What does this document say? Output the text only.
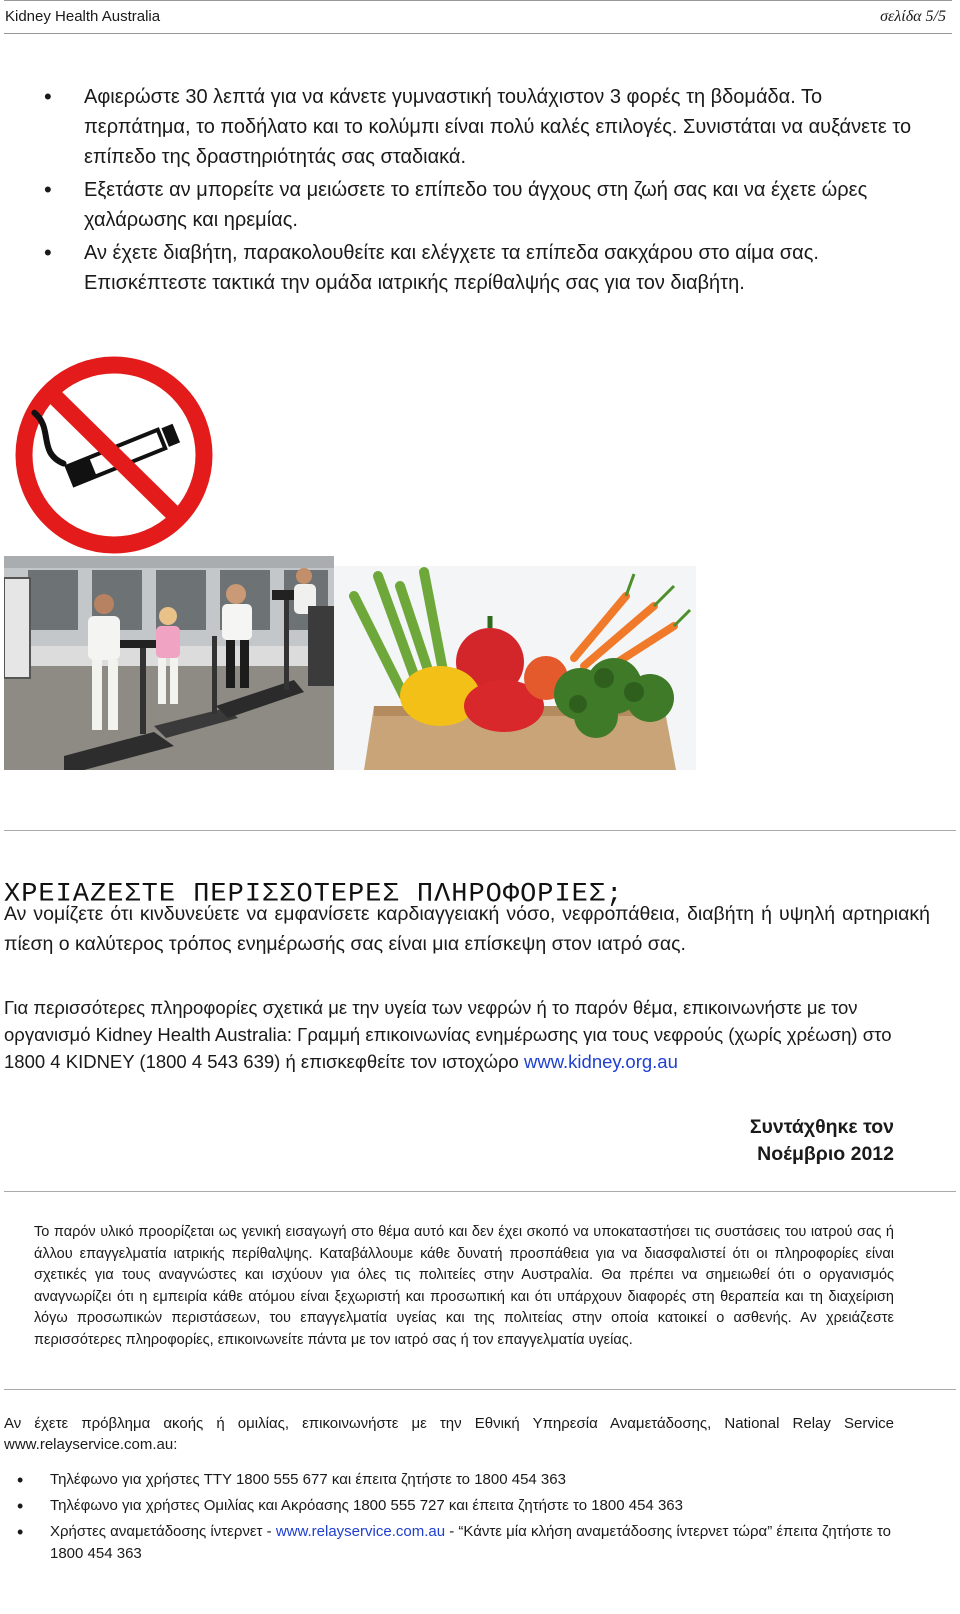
Kidney Health Australia	σελίδα 5/5
• Αφιερώστε 30 λεπτά για να κάνετε γυμναστική τουλάχιστον 3 φορές τη βδομάδα. Το περπάτημα, το ποδήλατο και το κολύμπι είναι πολύ καλές επιλογές. Συνιστάται να αυξάνετε το επίπεδο της δραστηριότητάς σας σταδιακά.
• Εξετάστε αν μπορείτε να μειώσετε το επίπεδο του άγχους στη ζωή σας και να έχετε ώρες χαλάρωσης και ηρεμίας.
• Αν έχετε διαβήτη, παρακολουθείτε και ελέγχετε τα επίπεδα σακχάρου στο αίμα σας. Επισκέπτεστε τακτικά την ομάδα ιατρικής περίθαλψής σας για τον διαβήτη.
ΧΡΕΙΑΖΕΣΤΕ ΠΕΡΙΣΣΟΤΕΡΕΣ ΠΛΗΡΟΦΟΡΙΕΣ;
Αν νομίζετε ότι κινδυνεύετε να εμφανίσετε καρδιαγγειακή νόσο, νεφροπάθεια, διαβήτη ή υψηλή αρτηριακή πίεση ο καλύτερος τρόπος ενημέρωσής σας είναι μια επίσκεψη στον ιατρό σας.
Για περισσότερες πληροφορίες σχετικά με την υγεία των νεφρών ή το παρόν θέμα, επικοινωνήστε με τον οργανισμό Kidney Health Australia: Γραμμή επικοινωνίας ενημέρωσης για τους νεφρούς (χωρίς χρέωση) στο 1800 4 KIDNEY (1800 4 543 639) ή επισκεφθείτε τον ιστοχώρο www.kidney.org.au
Συντάχθηκε τον
Νοέμβριο 2012
Το παρόν υλικό προορίζεται ως γενική εισαγωγή στο θέμα αυτό και δεν έχει σκοπό να υποκαταστήσει τις συστάσεις του ιατρού σας ή άλλου επαγγελματία ιατρικής περίθαλψης. Καταβάλλουμε κάθε δυνατή προσπάθεια για να διασφαλιστεί ότι οι πληροφορίες είναι σχετικές για τους αναγνώστες και ισχύουν για όλες τις πολιτείες στην Αυστραλία. Θα πρέπει να σημειωθεί ότι ο οργανισμός αναγνωρίζει ότι η εμπειρία κάθε ατόμου είναι ξεχωριστή και προσωπική και ότι υπάρχουν διαφορές στη θεραπεία και τη διαχείριση λόγω προσωπικών περιστάσεων, του επαγγελματία υγείας και της πολιτείας στην οποία κατοικεί ο ασθενής. Αν χρειάζεστε περισσότερες πληροφορίες, επικοινωνείτε πάντα με τον ιατρό σας ή τον επαγγελματία υγείας.
Αν έχετε πρόβλημα ακοής ή ομιλίας, επικοινωνήστε με την Εθνική Υπηρεσία Αναμετάδοσης, National Relay Service www.relayservice.com.au:
• Τηλέφωνο για χρήστες TTY 1800 555 677 και έπειτα ζητήστε το 1800 454 363
• Τηλέφωνο για χρήστες Ομιλίας και Ακρόασης 1800 555 727 και έπειτα ζητήστε το 1800 454 363
• Χρήστες αναμετάδοσης ίντερνετ - www.relayservice.com.au - “Κάντε μία κλήση αναμετάδοσης ίντερνετ τώρα” έπειτα ζητήστε το 1800 454 363
